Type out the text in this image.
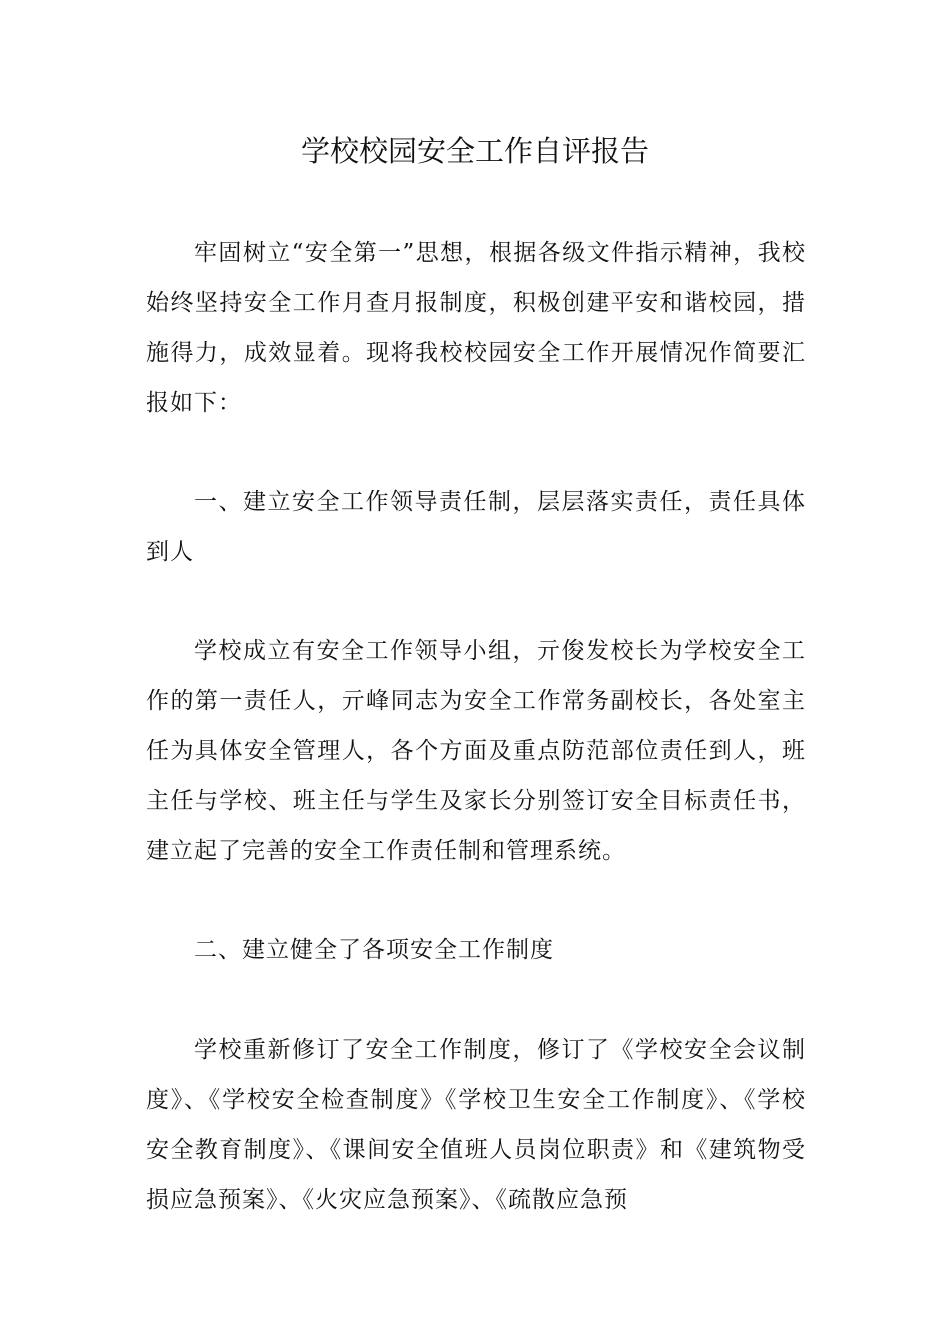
学校校园安全工作自评报告

牢固树立“安全第一”思想，根据各级文件指示精神，我校始终坚持安全工作月查月报制度，积极创建平安和谐校园，措施得力，成效显着。现将我校校园安全工作开展情况作简要汇报如下：

一、建立安全工作领导责任制，层层落实责任，责任具体到人

学校成立有安全工作领导小组，亓俊发校长为学校安全工作的第一责任人，亓峰同志为安全工作常务副校长，各处室主任为具体安全管理人，各个方面及重点防范部位责任到人，班主任与学校、班主任与学生及家长分别签订安全目标责任书，建立起了完善的安全工作责任制和管理系统。

二、建立健全了各项安全工作制度

学校重新修订了安全工作制度，修订了《学校安全会议制度》、《学校安全检查制度》《学校卫生安全工作制度》、《学校安全教育制度》、《课间安全值班人员岗位职责》和《建筑物受损应急预案》、《火灾应急预案》、《疏散应急预
